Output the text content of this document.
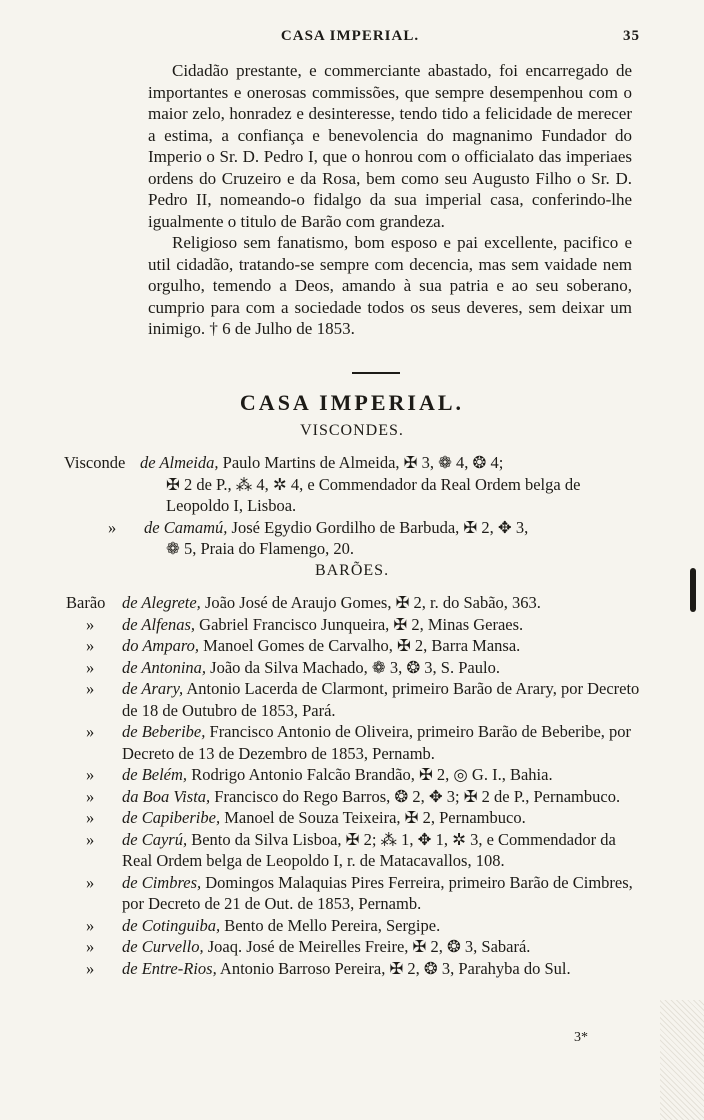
CASA IMPERIAL.	35

Cidadão prestante, e commerciante abastado, foi encarregado de importantes e onerosas commissões, que sempre desempenhou com o maior zelo, honradez e desinteresse, tendo tido a felicidade de merecer a estima, a confiança e benevolencia do magnanimo Fundador do Imperio o Sr. D. Pedro I, que o honrou com o officialato das imperiaes ordens do Cruzeiro e da Rosa, bem como seu Augusto Filho o Sr. D. Pedro II, nomeando-o fidalgo da sua imperial casa, conferindo-lhe igualmente o titulo de Barão com grandeza.

Religioso sem fanatismo, bom esposo e pai excellente, pacifico e util cidadão, tratando-se sempre com decencia, mas sem vaidade nem orgulho, temendo a Deos, amando à sua patria e ao seu soberano, cumprio para com a sociedade todos os seus deveres, sem deixar um inimigo. † 6 de Julho de 1853.

CASA IMPERIAL.
VISCONDES.
Visconde de Almeida, Paulo Martins de Almeida, ✠ 3, ❁ 4, ❂ 4;
✠ 2 de P., ⁂ 4, ✲ 4, e Commendador da Real Ordem belga de Leopoldo I, Lisboa.
» de Camamú, José Egydio Gordilho de Barbuda, ✠ 2, ✥ 3,
❁ 5, Praia do Flamengo, 20.
BARÕES.
Barão de Alegrete, João José de Araujo Gomes, ✠ 2, r. do Sabão, 363.
» de Alfenas, Gabriel Francisco Junqueira, ✠ 2, Minas Geraes.
» do Amparo, Manoel Gomes de Carvalho, ✠ 2, Barra Mansa.
» de Antonina, João da Silva Machado, ❁ 3, ❂ 3, S. Paulo.
» de Arary, Antonio Lacerda de Clarmont, primeiro Barão de Arary, por Decreto de 18 de Outubro de 1853, Pará.
» de Beberibe, Francisco Antonio de Oliveira, primeiro Barão de Beberibe, por Decreto de 13 de Dezembro de 1853, Pernamb.
» de Belém, Rodrigo Antonio Falcão Brandão, ✠ 2, ◎ G. I., Bahia.
» da Boa Vista, Francisco do Rego Barros, ❂ 2, ✥ 3; ✠ 2 de P., Pernambuco.
» de Capiberibe, Manoel de Souza Teixeira, ✠ 2, Pernambuco.
» de Cayrú, Bento da Silva Lisboa, ✠ 2; ⁂ 1, ✥ 1, ✲ 3, e Commendador da Real Ordem belga de Leopoldo I, r. de Matacavallos, 108.
» de Cimbres, Domingos Malaquias Pires Ferreira, primeiro Barão de Cimbres, por Decreto de 21 de Out. de 1853, Pernamb.
» de Cotinguiba, Bento de Mello Pereira, Sergipe.
» de Curvello, Joaq. José de Meirelles Freire, ✠ 2, ❂ 3, Sabará.
» de Entre-Rios, Antonio Barroso Pereira, ✠ 2, ❂ 3, Parahyba do Sul.
3*
